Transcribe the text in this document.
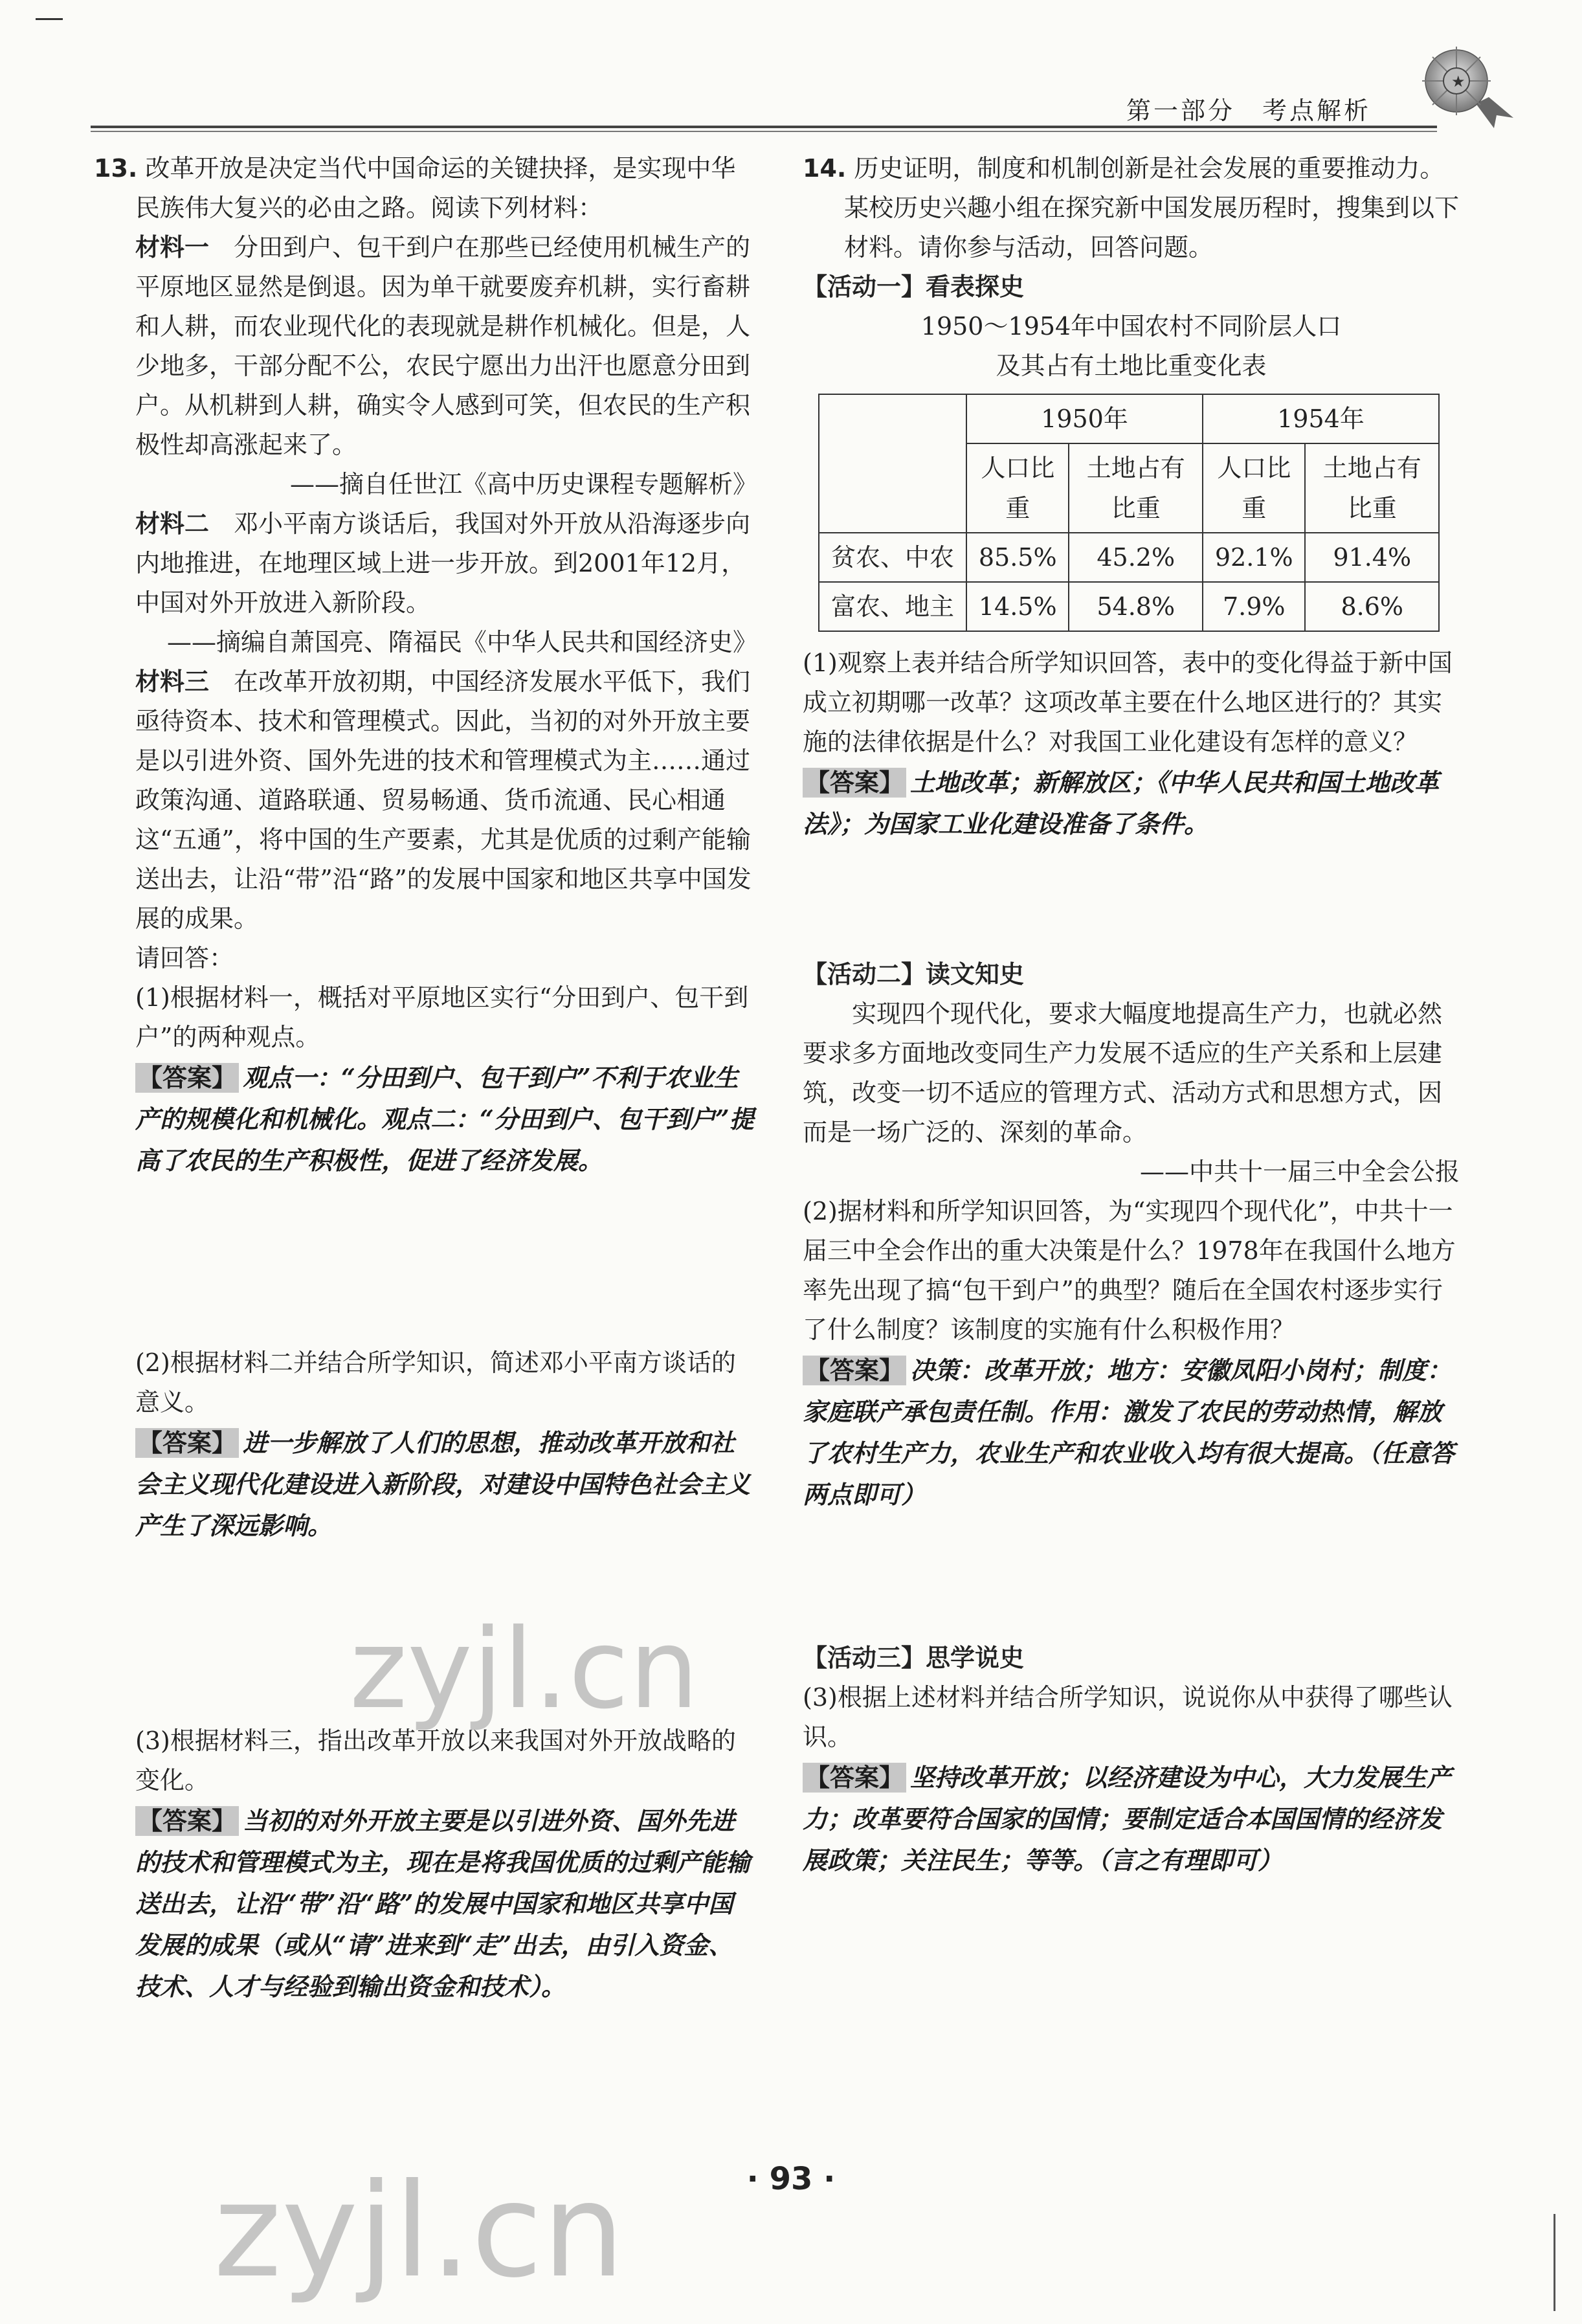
第一部分　考点解析
★

13. 改革开放是决定当代中国命运的关键抉择，是实现中华民族伟大复兴的必由之路。阅读下列材料：

材料一　分田到户、包干到户在那些已经使用机械生产的平原地区显然是倒退。因为单干就要废弃机耕，实行畜耕和人耕，而农业现代化的表现就是耕作机械化。但是，人少地多，干部分配不公，农民宁愿出力出汗也愿意分田到户。从机耕到人耕，确实令人感到可笑，但农民的生产积极性却高涨起来了。

——摘自任世江《高中历史课程专题解析》

材料二　邓小平南方谈话后，我国对外开放从沿海逐步向内地推进，在地理区域上进一步开放。到2001年12月，中国对外开放进入新阶段。

——摘编自萧国亮、隋福民《中华人民共和国经济史》

材料三　在改革开放初期，中国经济发展水平低下，我们亟待资本、技术和管理模式。因此，当初的对外开放主要是以引进外资、国外先进的技术和管理模式为主……通过政策沟通、道路联通、贸易畅通、货币流通、民心相通这“五通”，将中国的生产要素，尤其是优质的过剩产能输送出去，让沿“带”沿“路”的发展中国家和地区共享中国发展的成果。

请回答：

(1)根据材料一，概括对平原地区实行“分田到户、包干到户”的两种观点。

【答案】 观点一：“分田到户、包干到户”不利于农业生产的规模化和机械化。观点二：“分田到户、包干到户”提高了农民的生产积极性，促进了经济发展。

(2)根据材料二并结合所学知识，简述邓小平南方谈话的意义。

【答案】 进一步解放了人们的思想，推动改革开放和社会主义现代化建设进入新阶段，对建设中国特色社会主义产生了深远影响。

(3)根据材料三，指出改革开放以来我国对外开放战略的变化。

【答案】 当初的对外开放主要是以引进外资、国外先进的技术和管理模式为主，现在是将我国优质的过剩产能输送出去，让沿“带”沿“路”的发展中国家和地区共享中国发展的成果（或从“请”进来到“走”出去，由引入资金、技术、人才与经验到输出资金和技术）。

14. 历史证明，制度和机制创新是社会发展的重要推动力。某校历史兴趣小组在探究新中国发展历程时，搜集到以下材料。请你参与活动，回答问题。

【活动一】看表探史

1950～1954年中国农村不同阶层人口

及其占有土地比重变化表

	1950年		1954年	
	人口比重	土地占有比重	人口比重	土地占有比重
贫农、中农	85.5%	45.2%	92.1%	91.4%
富农、地主	14.5%	54.8%	7.9%	8.6%

(1)观察上表并结合所学知识回答，表中的变化得益于新中国成立初期哪一改革？这项改革主要在什么地区进行的？其实施的法律依据是什么？对我国工业化建设有怎样的意义？

【答案】 土地改革；新解放区；《中华人民共和国土地改革法》；为国家工业化建设准备了条件。

【活动二】读文知史

实现四个现代化，要求大幅度地提高生产力，也就必然要求多方面地改变同生产力发展不适应的生产关系和上层建筑，改变一切不适应的管理方式、活动方式和思想方式，因而是一场广泛的、深刻的革命。

——中共十一届三中全会公报

(2)据材料和所学知识回答，为“实现四个现代化”，中共十一届三中全会作出的重大决策是什么？1978年在我国什么地方率先出现了搞“包干到户”的典型？随后在全国农村逐步实行了什么制度？该制度的实施有什么积极作用？

【答案】 决策：改革开放；地方：安徽凤阳小岗村；制度：家庭联产承包责任制。作用：激发了农民的劳动热情，解放了农村生产力，农业生产和农业收入均有很大提高。（任意答两点即可）

【活动三】思学说史

(3)根据上述材料并结合所学知识，说说你从中获得了哪些认识。

【答案】 坚持改革开放；以经济建设为中心，大力发展生产力；改革要符合国家的国情；要制定适合本国国情的经济发展政策；关注民生；等等。（言之有理即可）

· 93 ·
zyjl.cn
zyjl.cn
